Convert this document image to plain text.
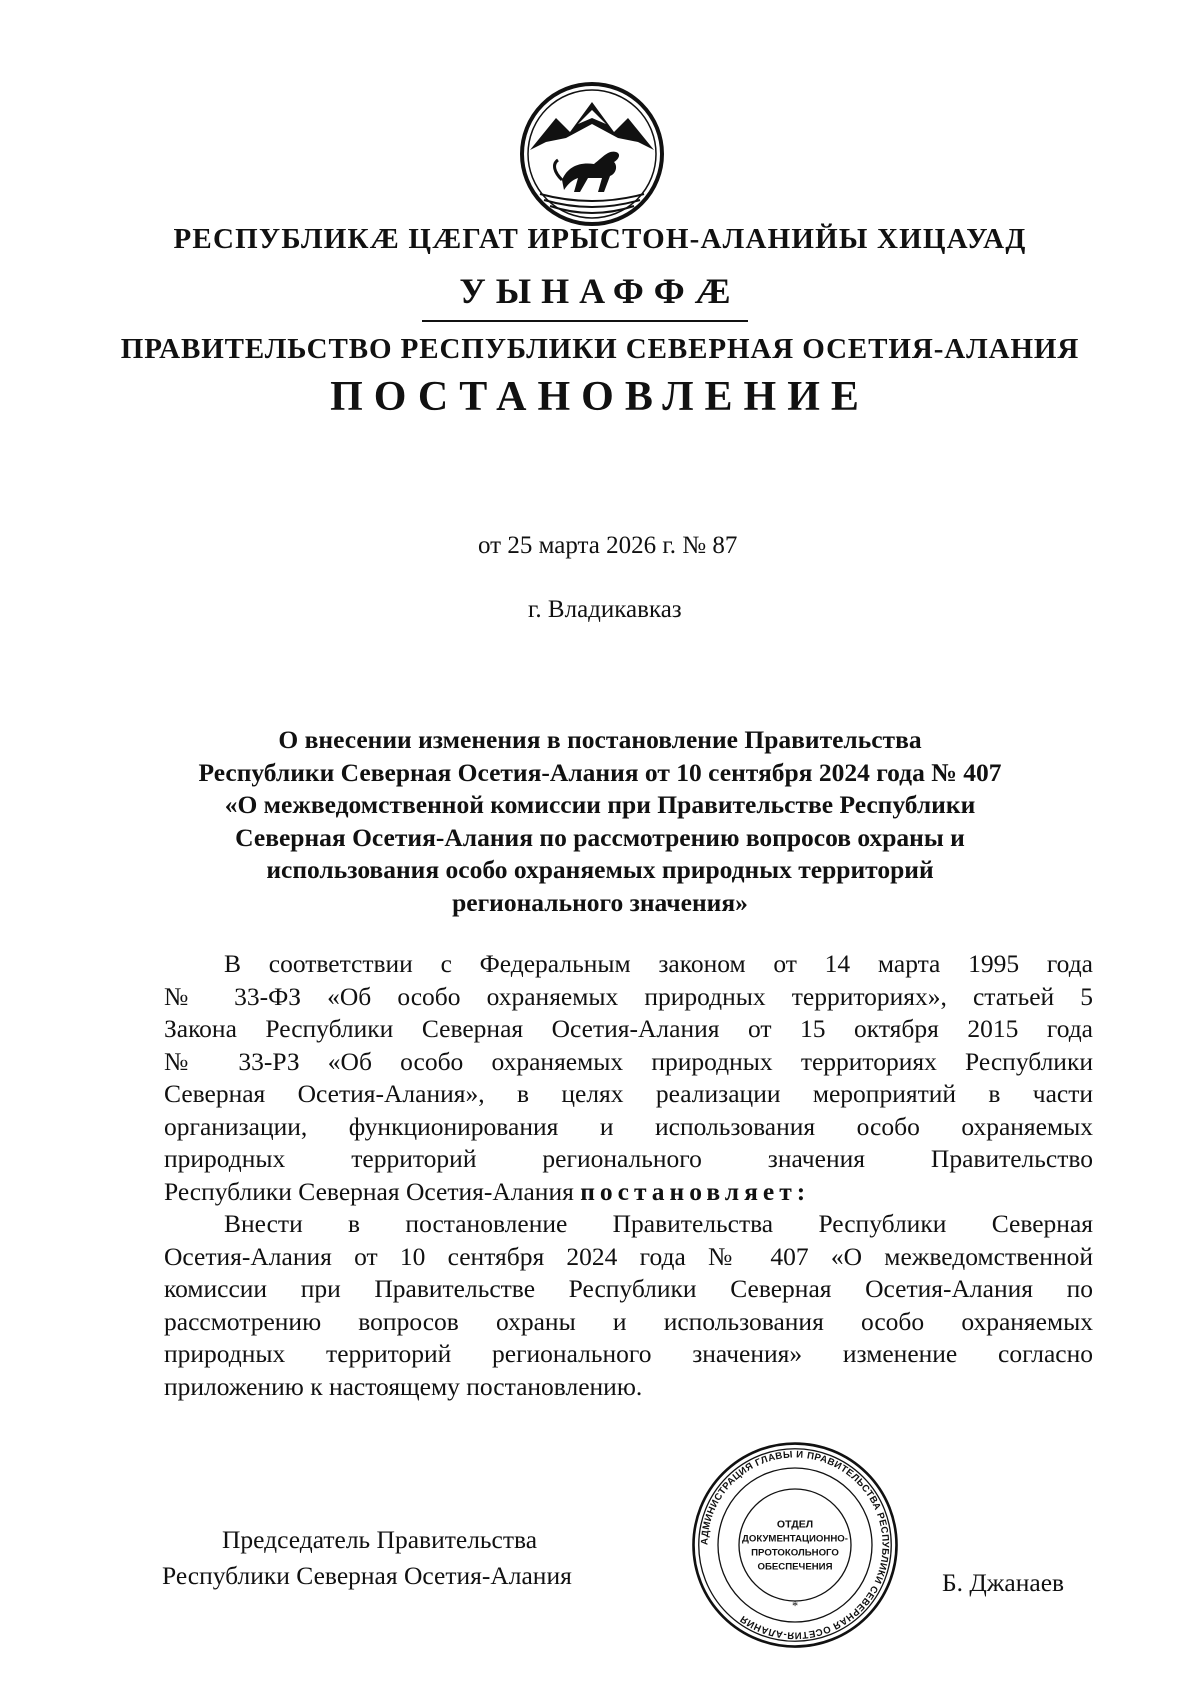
РЕСПУБЛИКӔ ЦӔГАТ ИРЫСТОН-АЛАНИЙЫ ХИЦАУАД
УЫНАФФӔ
ПРАВИТЕЛЬСТВО РЕСПУБЛИКИ СЕВЕРНАЯ ОСЕТИЯ-АЛАНИЯ
ПОСТАНОВЛЕНИЕ
от 25 марта 2026 г. № 87
г. Владикавказ
О внесении изменения в постановление Правительства
Республики Северная Осетия-Алания от 10 сентября 2024 года № 407
«О межведомственной комиссии при Правительстве Республики
Северная Осетия-Алания по рассмотрению вопросов охраны и
использования особо охраняемых природных территорий
регионального значения»
В соответствии с Федеральным законом от 14 марта 1995 года
№ 33-ФЗ «Об особо охраняемых природных территориях», статьей 5
Закона Республики Северная Осетия-Алания от 15 октября 2015 года
№ 33-РЗ «Об особо охраняемых природных территориях Республики
Северная Осетия-Алания», в целях реализации мероприятий в части
организации, функционирования и использования особо охраняемых
природных территорий регионального значения Правительство
Республики Северная Осетия-Алания постановляет:
Внести в постановление Правительства Республики Северная
Осетия-Алания от 10 сентября 2024 года № 407 «О межведомственной
комиссии при Правительстве Республики Северная Осетия-Алания по
рассмотрению вопросов охраны и использования особо охраняемых
природных территорий регионального значения» изменение согласно
приложению к настоящему постановлению.
Председатель Правительства
Республики Северная Осетия-Алания
АДМИНИСТРАЦИЯ ГЛАВЫ И ПРАВИТЕЛЬСТВА РЕСПУБЛИКИ СЕВЕРНАЯ ОСЕТИЯ-АЛАНИЯ
ОТДЕЛ
ДОКУМЕНТАЦИОННО-
ПРОТОКОЛЬНОГО
ОБЕСПЕЧЕНИЯ
*
Б. Джанаев
